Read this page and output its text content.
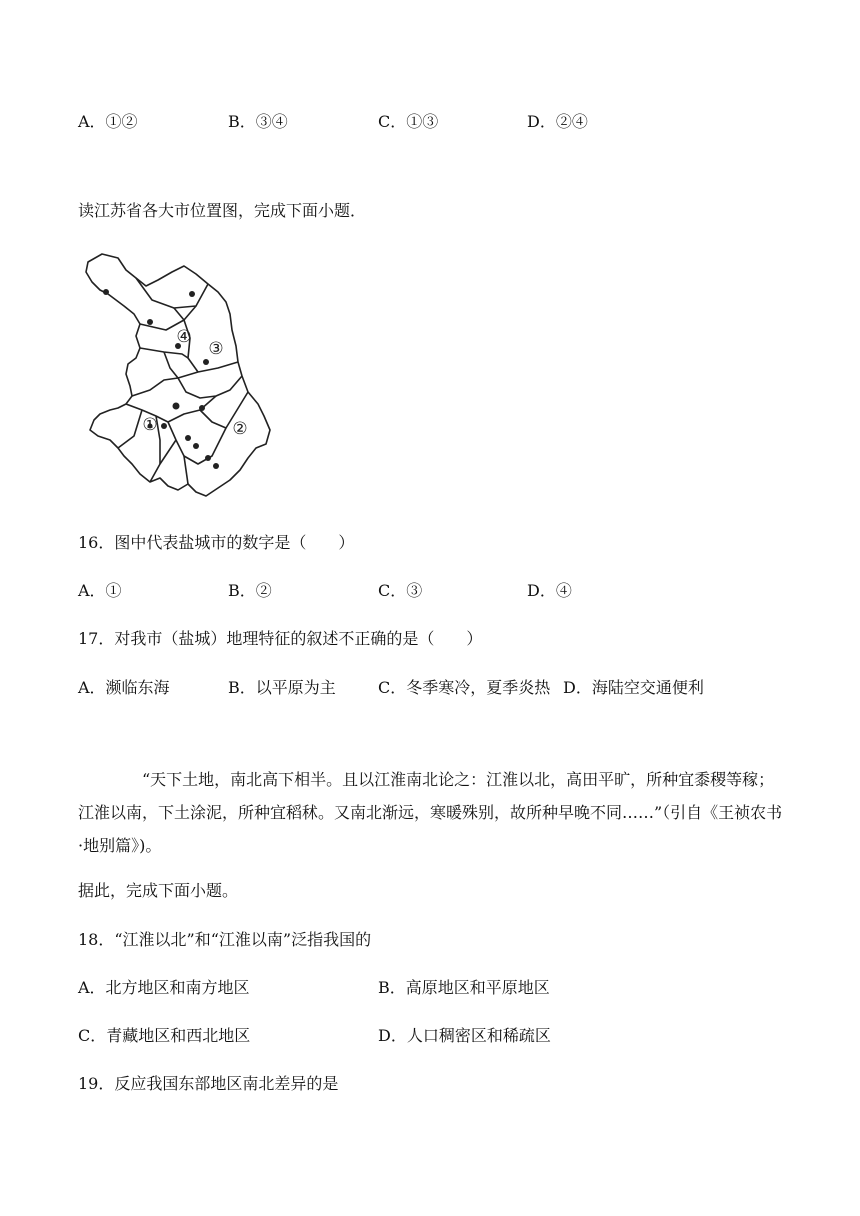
A．①②	B．③④	C．①③	D．②④
读江苏省各大市位置图，完成下面小题．
①	②
③
④
16．图中代表盐城市的数字是（　　）
A．①	B．②	C．③	D．④
17．对我市（盐城）地理特征的叙述不正确的是（　　）
A．濒临东海	B．以平原为主	C．冬季寒冷，夏季炎热 D．海陆空交通便利
“天下土地，南北高下相半。且以江淮南北论之：江淮以北，高田平旷，所种宜黍稷等稼；江淮以南，下土涂泥，所种宜稻秫。又南北渐远，寒暖殊别，故所种早晚不同……”（引自《王祯农书·地别篇》)。
据此，完成下面小题。
18．“江淮以北”和“江淮以南”泛指我国的
A．北方地区和南方地区	B．高原地区和平原地区
C．青藏地区和西北地区	D．人口稠密区和稀疏区
19．反应我国东部地区南北差异的是
